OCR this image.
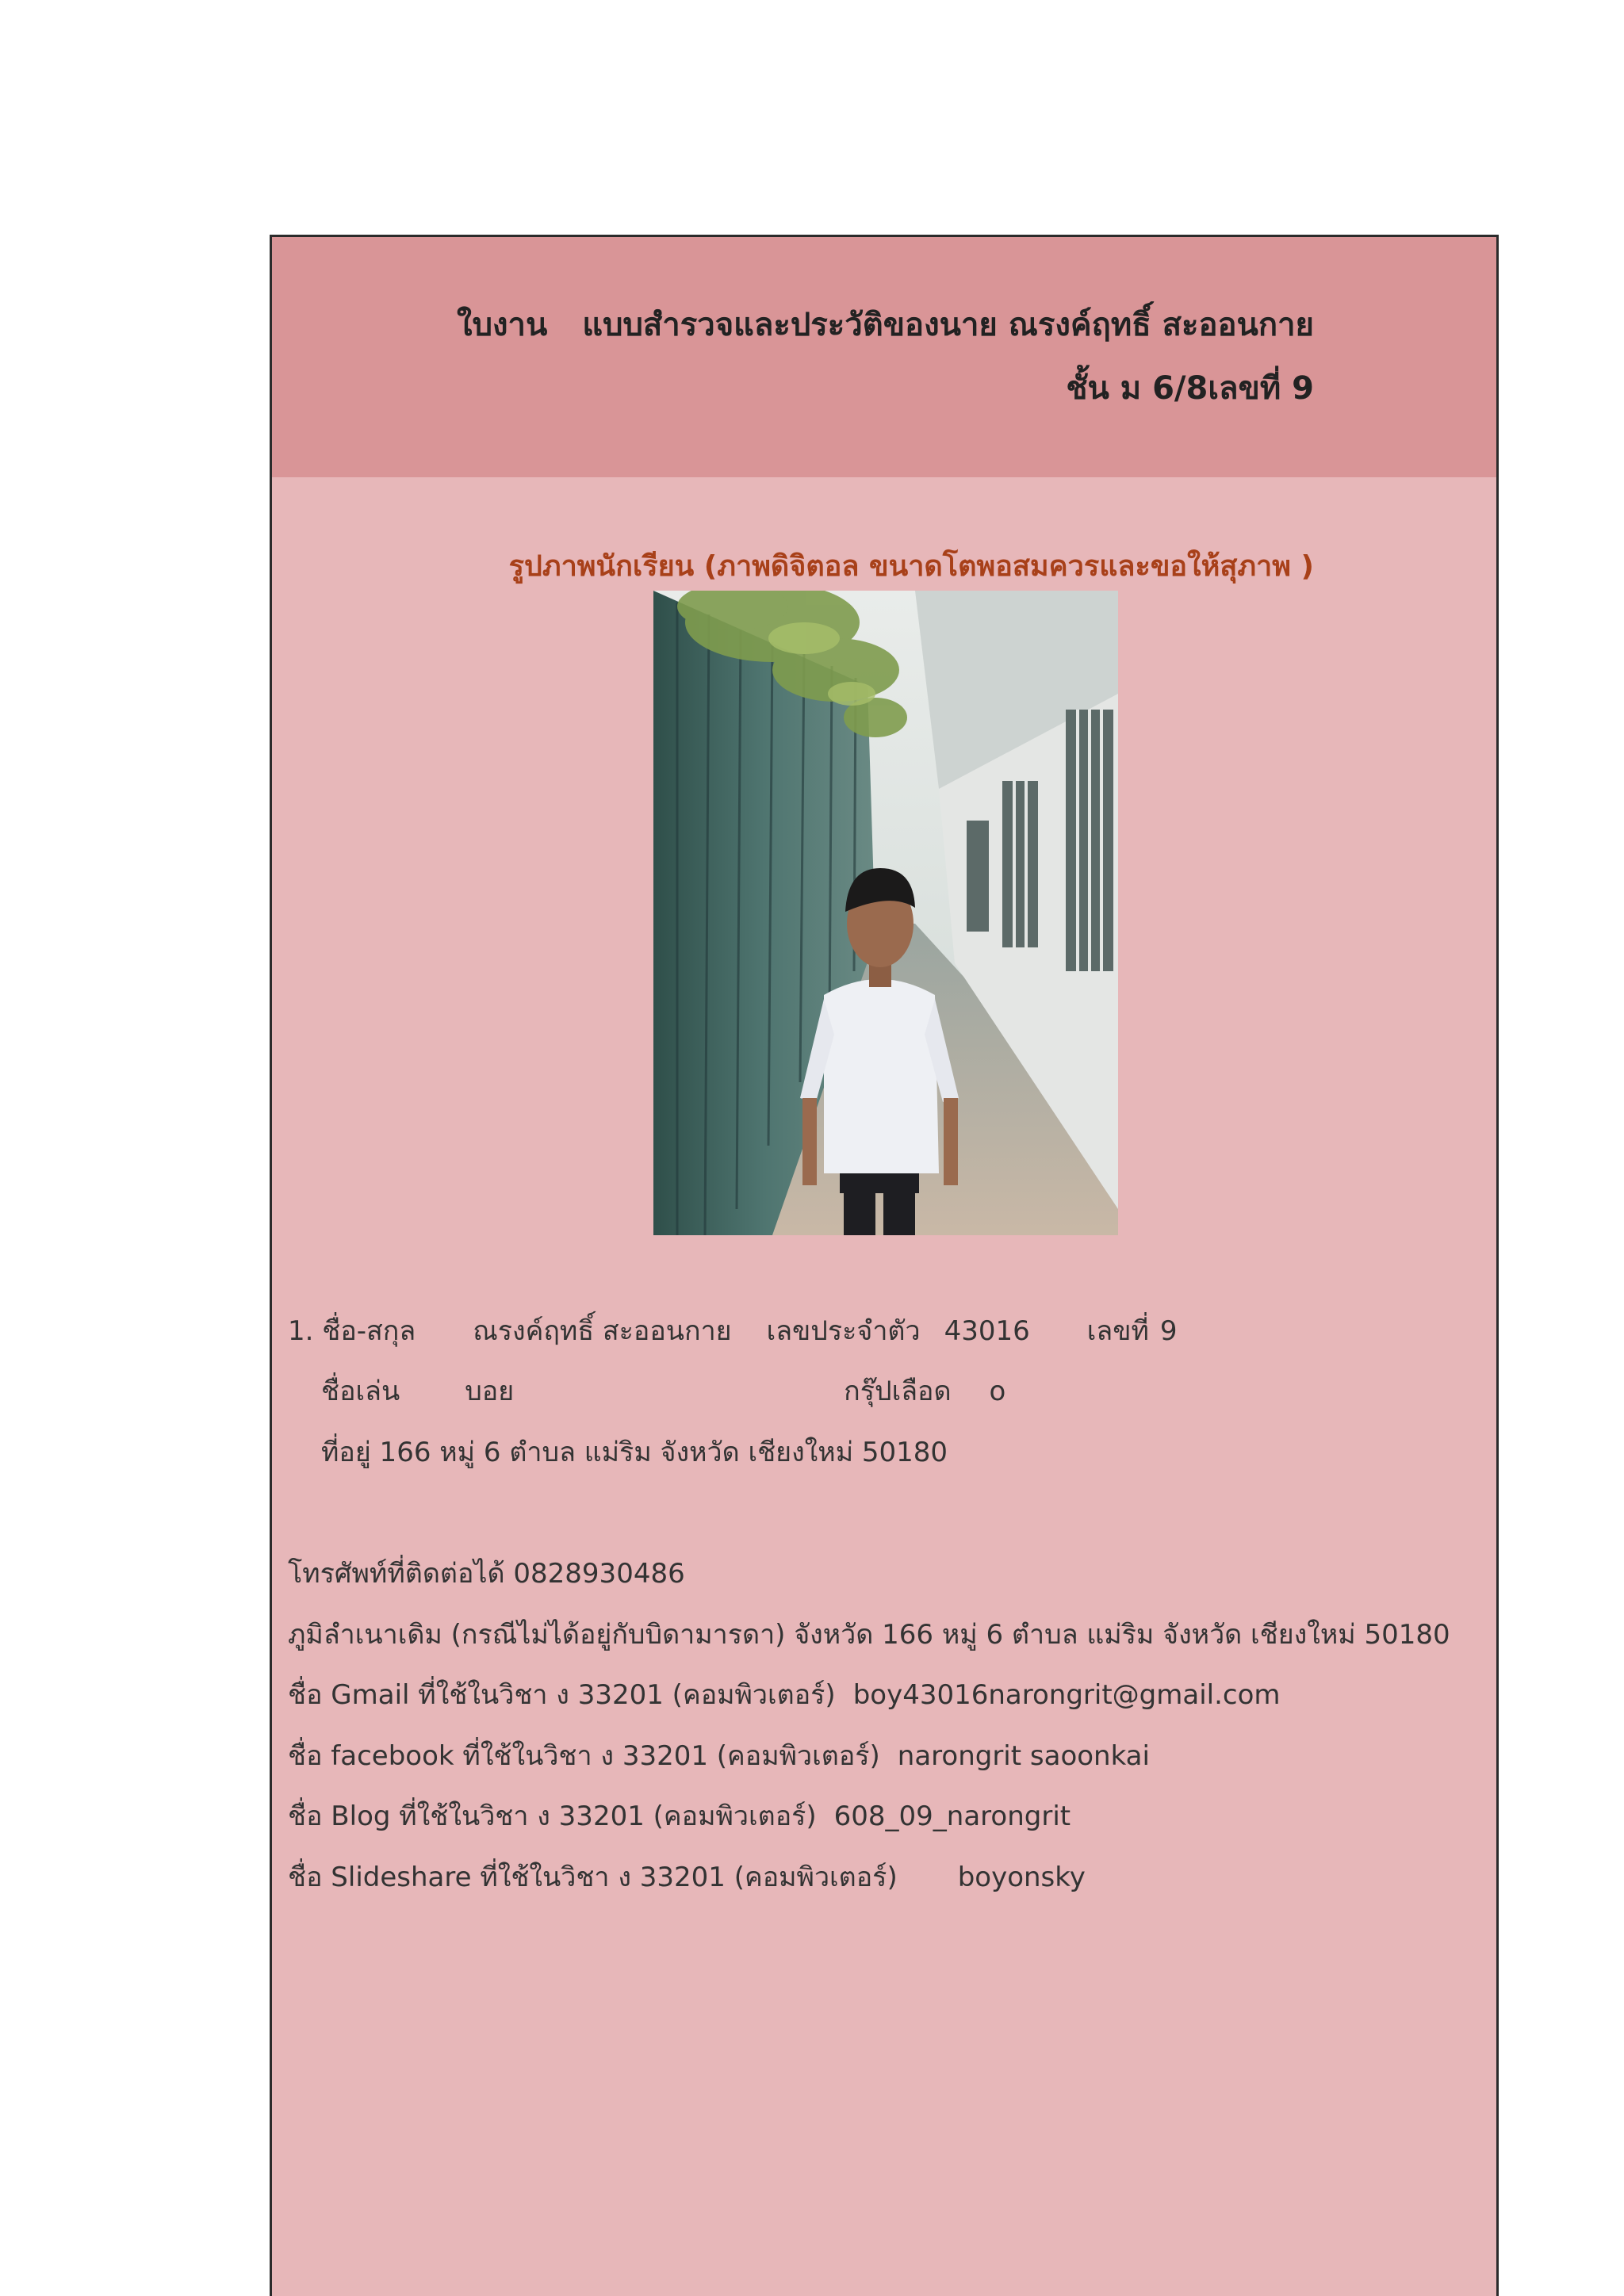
ใบงาน แบบสำรวจและประวัติของนาย ณรงค์ฤทธิ์ สะออนกาย
ชั้น ม 6/8เลขที่ 9
รูปภาพนักเรียน (ภาพดิจิตอล ขนาดโตพอสมควรและขอให้สุภาพ )
1. ชื่อ-สกุล ณรงค์ฤทธิ์ สะออนกาย เลขประจำตัว 43016 เลขที่ 9
ชื่อเล่น บอย	กรุ๊ปเลือด o
ที่อยู่ 166 หมู่ 6 ตำบล แม่ริม จังหวัด เชียงใหม่ 50180
โทรศัพท์ที่ติดต่อได้ 0828930486
ภูมิลำเนาเดิม (กรณีไม่ได้อยู่กับบิดามารดา) จังหวัด 166 หมู่ 6 ตำบล แม่ริม จังหวัด เชียงใหม่ 50180
ชื่อ Gmail ที่ใช้ในวิชา ง 33201 (คอมพิวเตอร์) boy43016narongrit@gmail.com
ชื่อ facebook ที่ใช้ในวิชา ง 33201 (คอมพิวเตอร์) narongrit saoonkai
ชื่อ Blog ที่ใช้ในวิชา ง 33201 (คอมพิวเตอร์) 608_09_narongrit
ชื่อ Slideshare ที่ใช้ในวิชา ง 33201 (คอมพิวเตอร์) boyonsky
